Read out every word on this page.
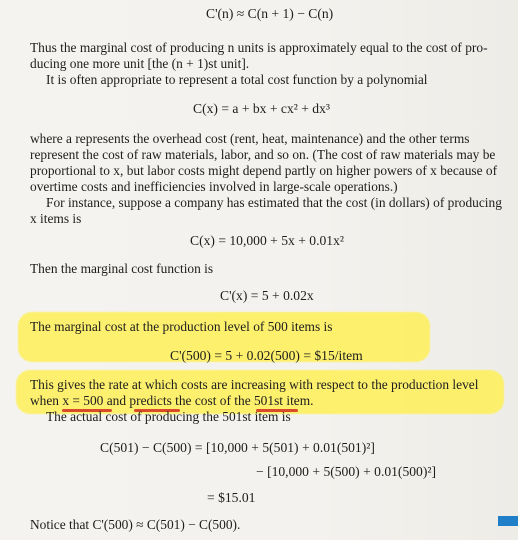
C'(n) ≈ C(n + 1) − C(n)
Thus the marginal cost of producing n units is approximately equal to the cost of pro-
ducing one more unit [the (n + 1)st unit].
It is often appropriate to represent a total cost function by a polynomial
C(x) = a + bx + cx² + dx³
where a represents the overhead cost (rent, heat, maintenance) and the other terms
represent the cost of raw materials, labor, and so on. (The cost of raw materials may be
proportional to x, but labor costs might depend partly on higher powers of x because of
overtime costs and inefficiencies involved in large-scale operations.)
For instance, suppose a company has estimated that the cost (in dollars) of producing
x items is
C(x) = 10,000 + 5x + 0.01x²
Then the marginal cost function is
C'(x) = 5 + 0.02x
The marginal cost at the production level of 500 items is
C'(500) = 5 + 0.02(500) = $15/item
This gives the rate at which costs are increasing with respect to the production level
when x = 500 and predicts the cost of the 501st item.
The actual cost of producing the 501st item is
C(501) − C(500) = [10,000 + 5(501) + 0.01(501)²]
− [10,000 + 5(500) + 0.01(500)²]
= $15.01
Notice that C'(500) ≈ C(501) − C(500).
